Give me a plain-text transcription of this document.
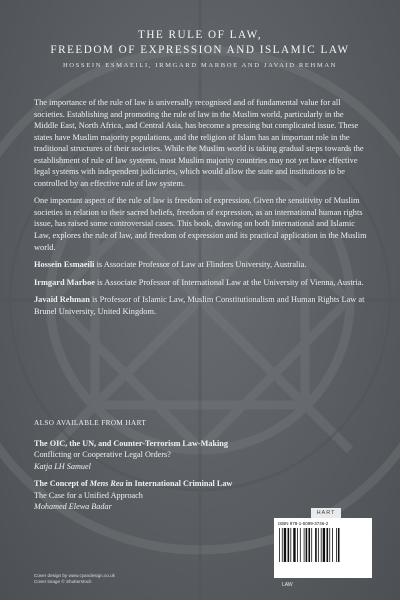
THE RULE OF LAW,
FREEDOM OF EXPRESSION AND ISLAMIC LAW
HOSSEIN ESMAEILI, IRMGARD MARBOE AND JAVAID REHMAN

The importance of the rule of law is universally recognised and of fundamental value for all societies. Establishing and promoting the rule of law in the Muslim world, particularly in the Middle East, North Africa, and Central Asia, has become a pressing but complicated issue. These states have Muslim majority populations, and the religion of Islam has an important role in the traditional structures of their societies. While the Muslim world is taking gradual steps towards the establishment of rule of law systems, most Muslim majority countries may not yet have effective legal systems with independent judiciaries, which would allow the state and institutions to be controlled by an effective rule of law system.

One important aspect of the rule of law is freedom of expression. Given the sensitivity of Muslim societies in relation to their sacred beliefs, freedom of expression, as an international human rights issue, has raised some controversial cases. This book, drawing on both International and Islamic Law, explores the rule of law, and freedom of expression and its practical application in the Muslim world.

Hossein Esmaeili is Associate Professor of Law at Flinders University, Australia.

Irmgard Marboe is Associate Professor of International Law at the University of Vienna, Austria.

Javaid Rehman is Professor of Islamic Law, Muslim Constitutionalism and Human Rights Law at Brunel University, United Kingdom.

ALSO AVAILABLE FROM HART
The OIC, the UN, and Counter-Terrorism Law-Making
Conflicting or Cooperative Legal Orders?
Katja LH Samuel
The Concept of Mens Rea in International Criminal Law
The Case for a Unified Approach
Mohamed Elewa Badar
HART
ISBN 978-1-5099-3746-2
LAW
Cover design by www.cyandesign.co.uk
Cover image © Shutterstock
